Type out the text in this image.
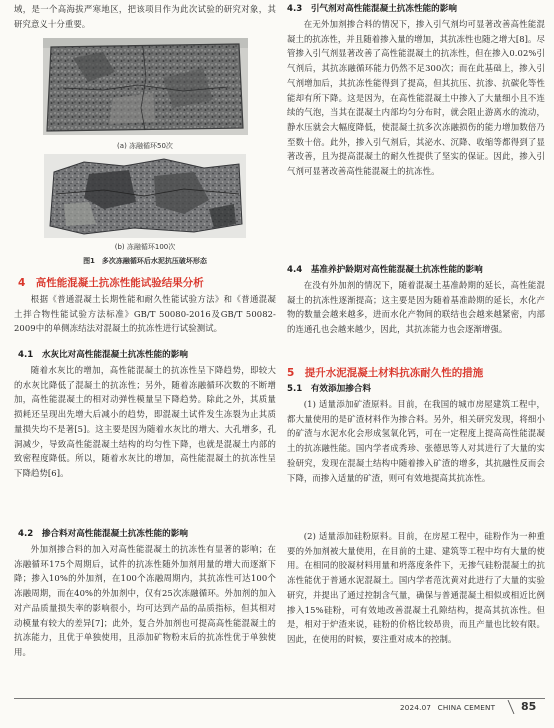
域，是一个高海拔严寒地区，把该项目作为此次试验的研究对象，其研究意义十分重要。

(a) 冻融循环50次

(b) 冻融循环100次

图1　多次冻融循环后水泥抗压破坏形态

4　高性能混凝土抗冻性能试验结果分析

根据《普通混凝土长期性能和耐久性能试验方法》和《普通混凝土拌合物性能试验方法标准》GB/T 50080-2016及GB/T 50082-2009中的单侧冻结法对混凝土的抗冻性进行试验测试。

4.1　水灰比对高性能混凝土抗冻性能的影响

随着水灰比的增加，高性能混凝土的抗冻性呈下降趋势，即较大的水灰比降低了混凝土的抗冻性；另外，随着冻融循环次数的不断增加，高性能混凝土的相对动弹性模量呈下降趋势。除此之外，其质量损耗还呈现出先增大后减小的趋势，即混凝土试件发生冻裂为止其质量损失均不是著[5]。这主要是因为随着水灰比的增大、大孔增多，孔洞减少，导致高性能混凝土结构的均匀性下降，也就是混凝土内部的致密程度降低。所以，随着水灰比的增加，高性能混凝土的抗冻性呈下降趋势[6]。

4.2　掺合料对高性能混凝土抗冻性能的影响

外加剂掺合料的加入对高性能混凝土的抗冻性有显著的影响；在冻融循环175个周期后，试件的抗冻性随外加剂用量的增大而逐渐下降；掺入10%的外加剂，在100个冻融周期内，其抗冻性可达100个冻融周期，而在40%的外加剂中，仅有25次冻融循环。外加剂的加入对产品质量损失率的影响很小，均可达到产品的品质指标，但其相对动模量有较大的差异[7]；此外，复合外加剂也可提高高性能混凝土的抗冻能力，且优于单独使用，且添加矿物粉末后的抗冻性优于单独使用。

4.3　引气剂对高性能混凝土抗冻性能的影响

在无外加剂掺合料的情况下，掺入引气剂均可显著改善高性能混凝土的抗冻性，并且随着掺入量的增加，其抗冻性也随之增大[8]。尽管掺入引气剂显著改善了高性能混凝土的抗冻性，但在掺入0.02%引气剂后，其抗冻融循环能力仍然不足300次；而在此基础上，掺入引气剂增加后，其抗冻性能得到了提高，但其抗压、抗渗、抗碳化等性能却有所下降。这是因为，在高性能混凝土中掺入了大量细小且不连续的气泡，当其在混凝土内部均匀分布时，就会阻止游离水的流动，静水压就会大幅度降低，使混凝土抗多次冻融损伤的能力增加数倍乃至数十倍。此外，掺入引气剂后，其泌水、沉降、收缩等都得到了显著改善，且为提高混凝土的耐久性提供了坚实的保证。因此，掺入引气剂可显著改善高性能混凝土的抗冻性。

4.4　基准养护龄期对高性能混凝土抗冻性能的影响

在没有外加剂的情况下，随着混凝土基准龄期的延长，高性能混凝土的抗冻性逐渐提高；这主要是因为随着基准龄期的延长，水化产物的数量会越来越多，进而水化产物间的联结也会越来越紧密，内部的连通孔也会越来越少，因此，其抗冻能力也会逐渐增强。

5　提升水泥混凝土材料抗冻耐久性的措施

5.1　有效添加掺合料

(1) 适量添加矿渣原料。目前，在我国的城市房屋建筑工程中，都大量使用的是矿渣材料作为掺合料。另外，相关研究发现，将细小的矿渣与水泥水化会形成氢氧化钙，可在一定程度上提高高性能混凝土的抗冻融性能。国内学者成秀珍、张德思等人对其进行了大量的实验研究，发现在混凝土结构中随着掺入矿渣的增多，其抗融性反而会下降，而掺入适量的矿渣，则可有效地提高其抗冻性。

(2) 适量添加硅粉原料。目前，在房屋工程中，硅粉作为一种重要的外加剂被大量使用，在目前的土建、建筑等工程中均有大量的使用。在相同的胶凝材料用量和坍落度条件下，无掺气硅粉混凝土的抗冻性能优于普通水泥混凝土。国内学者范沈黄对此进行了大量的实验研究，并提出了通过控制含气量，确保与普通混凝土相似或相近比例掺入15%硅粉，可有效地改善混凝土孔隙结构，提高其抗冻性。但是，相对于炉渣来说，硅粉的价格比较昂贵，而且产量也比较有限。因此，在使用的时候，要注重对成本的控制。

2024.07 CHINA CEMENT 85
